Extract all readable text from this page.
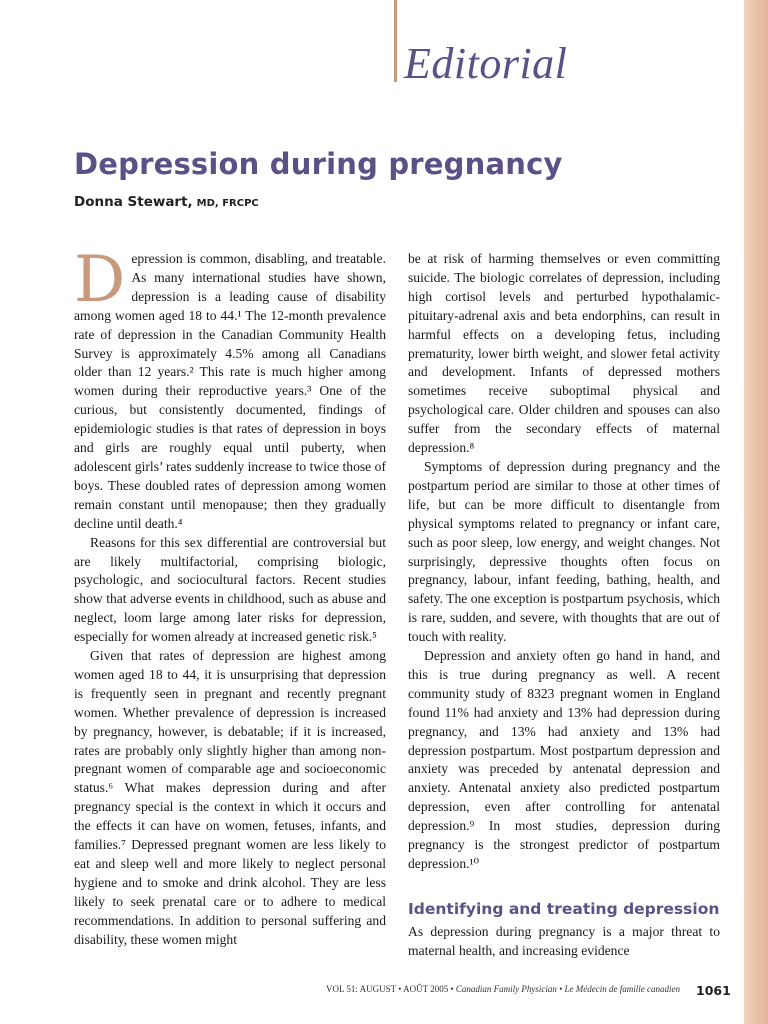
Editorial
Depression during pregnancy
Donna Stewart, MD, FRCPC

Depression is common, disabling, and treatable. As many international studies have shown, depression is a leading cause of disability among women aged 18 to 44.¹ The 12-month prevalence rate of depression in the Canadian Community Health Survey is approximately 4.5% among all Canadians older than 12 years.² This rate is much higher among women during their reproductive years.³ One of the curious, but consistently documented, findings of epidemiologic studies is that rates of depression in boys and girls are roughly equal until puberty, when adolescent girls’ rates suddenly increase to twice those of boys. These doubled rates of depression among women remain constant until menopause; then they gradually decline until death.⁴

Reasons for this sex differential are controversial but are likely multifactorial, comprising biologic, psychologic, and sociocultural factors. Recent studies show that adverse events in childhood, such as abuse and neglect, loom large among later risks for depression, especially for women already at increased genetic risk.⁵

Given that rates of depression are highest among women aged 18 to 44, it is unsurprising that depression is frequently seen in pregnant and recently pregnant women. Whether prevalence of depression is increased by pregnancy, however, is debatable; if it is increased, rates are probably only slightly higher than among non-pregnant women of comparable age and socioeconomic status.⁶ What makes depression during and after pregnancy special is the context in which it occurs and the effects it can have on women, fetuses, infants, and families.⁷ Depressed pregnant women are less likely to eat and sleep well and more likely to neglect personal hygiene and to smoke and drink alcohol. They are less likely to seek prenatal care or to adhere to medical recommendations. In addition to personal suffering and disability, these women might

be at risk of harming themselves or even committing suicide. The biologic correlates of depression, including high cortisol levels and perturbed hypothalamic-pituitary-adrenal axis and beta endorphins, can result in harmful effects on a developing fetus, including prematurity, lower birth weight, and slower fetal activity and development. Infants of depressed mothers sometimes receive suboptimal physical and psychological care. Older children and spouses can also suffer from the secondary effects of maternal depression.⁸

Symptoms of depression during pregnancy and the postpartum period are similar to those at other times of life, but can be more difficult to disentangle from physical symptoms related to pregnancy or infant care, such as poor sleep, low energy, and weight changes. Not surprisingly, depressive thoughts often focus on pregnancy, labour, infant feeding, bathing, health, and safety. The one exception is postpartum psychosis, which is rare, sudden, and severe, with thoughts that are out of touch with reality.

Depression and anxiety often go hand in hand, and this is true during pregnancy as well. A recent community study of 8323 pregnant women in England found 11% had anxiety and 13% had depression during pregnancy, and 13% had anxiety and 13% had depression postpartum. Most postpartum depression and anxiety was preceded by antenatal depression and anxiety. Antenatal anxiety also predicted postpartum depression, even after controlling for antenatal depression.⁹ In most studies, depression during pregnancy is the strongest predictor of postpartum depression.¹⁰

Identifying and treating depression

As depression during pregnancy is a major threat to maternal health, and increasing evidence

VOL 51: AUGUST • AOÛT 2005 • Canadian Family Physician • Le Médecin de famille canadien 1061
